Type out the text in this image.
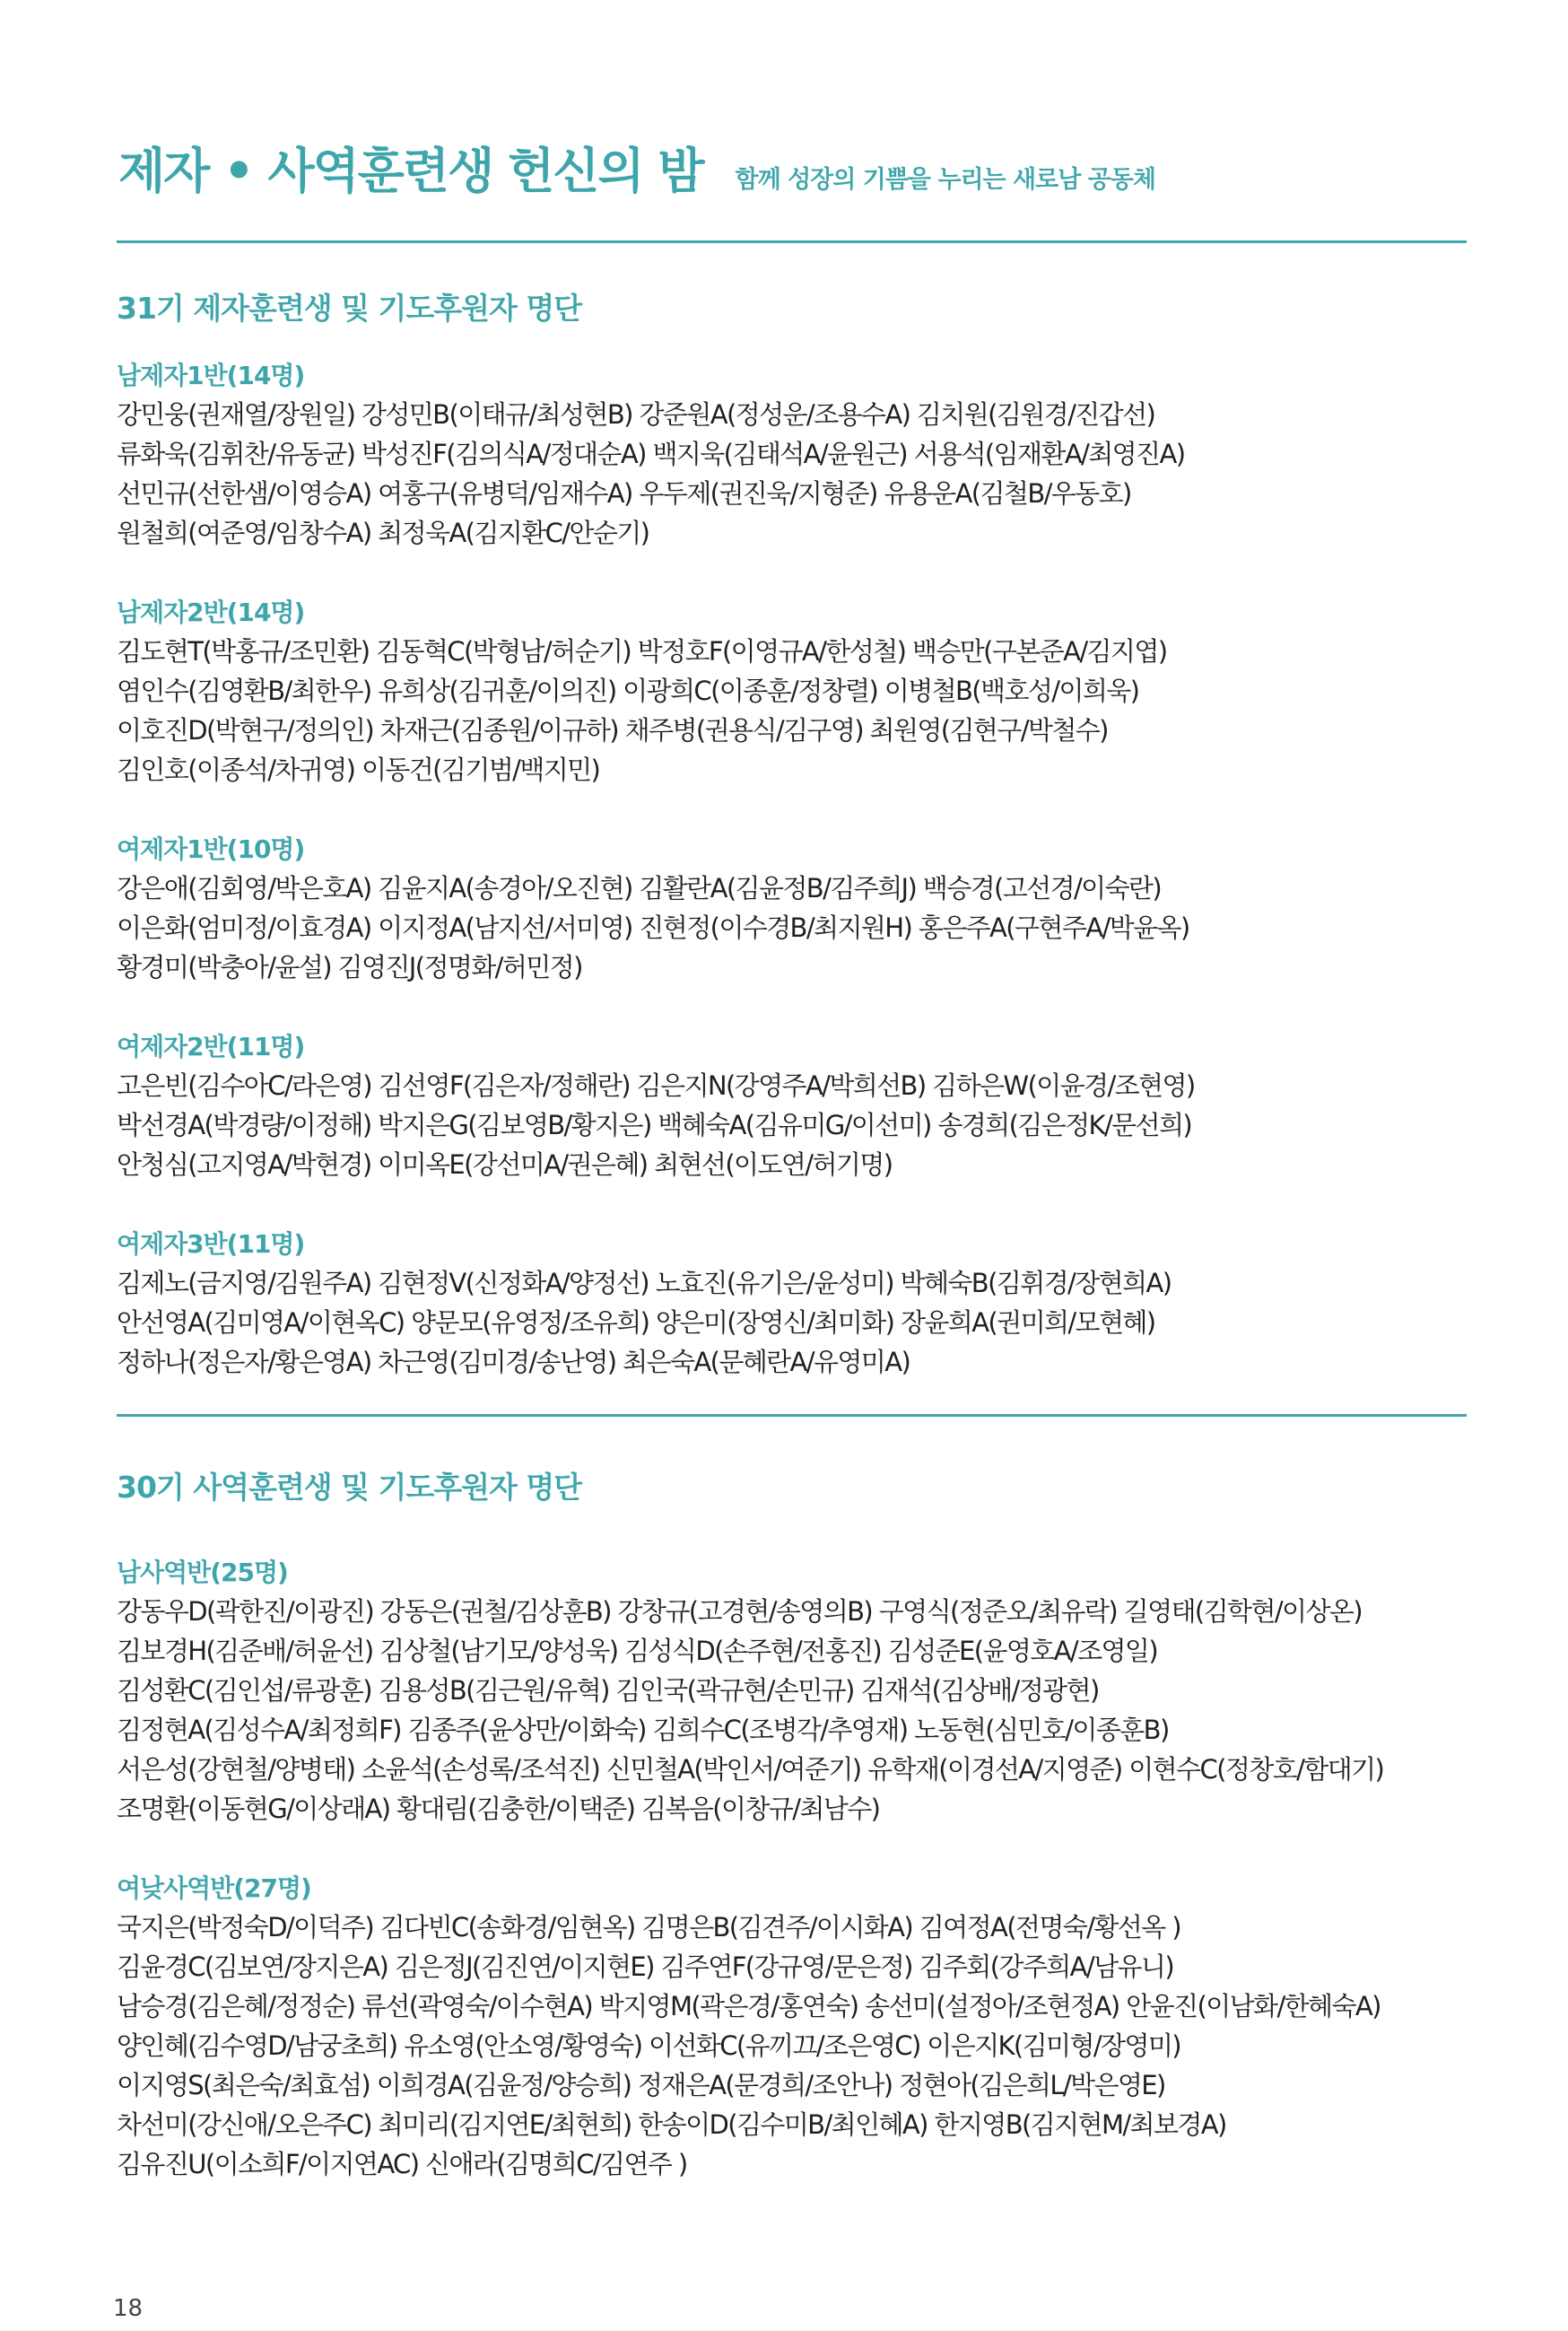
제자 • 사역훈련생 헌신의 밤 함께 성장의 기쁨을 누리는 새로남 공동체
31기 제자훈련생 및 기도후원자 명단
남제자1반(14명)
강민웅(권재열/장원일) 강성민B(이태규/최성현B) 강준원A(정성운/조용수A) 김치원(김원경/진갑선)
류화욱(김휘찬/유동균) 박성진F(김의식A/정대순A) 백지욱(김태석A/윤원근) 서용석(임재환A/최영진A)
선민규(선한샘/이영승A) 여홍구(유병덕/임재수A) 우두제(권진욱/지형준) 유용운A(김철B/우동호)
원철희(여준영/임창수A) 최정욱A(김지환C/안순기)
남제자2반(14명)
김도현T(박홍규/조민환) 김동혁C(박형남/허순기) 박정호F(이영규A/한성철) 백승만(구본준A/김지엽)
염인수(김영환B/최한우) 유희상(김귀훈/이의진) 이광희C(이종훈/정창렬) 이병철B(백호성/이희욱)
이호진D(박현구/정의인) 차재근(김종원/이규하) 채주병(권용식/김구영) 최원영(김현구/박철수)
김인호(이종석/차귀영) 이동건(김기범/백지민)
여제자1반(10명)
강은애(김회영/박은호A) 김윤지A(송경아/오진현) 김활란A(김윤정B/김주희J) 백승경(고선경/이숙란)
이은화(엄미정/이효경A) 이지정A(남지선/서미영) 진현정(이수경B/최지원H) 홍은주A(구현주A/박윤옥)
황경미(박충아/윤설) 김영진J(정명화/허민정)
여제자2반(11명)
고은빈(김수아C/라은영) 김선영F(김은자/정해란) 김은지N(강영주A/박희선B) 김하은W(이윤경/조현영)
박선경A(박경량/이정해) 박지은G(김보영B/황지은) 백혜숙A(김유미G/이선미) 송경희(김은정K/문선희)
안청심(고지영A/박현경) 이미옥E(강선미A/권은혜) 최현선(이도연/허기명)
여제자3반(11명)
김제노(금지영/김원주A) 김현정V(신정화A/양정선) 노효진(유기은/윤성미) 박혜숙B(김휘경/장현희A)
안선영A(김미영A/이현옥C) 양문모(유영정/조유희) 양은미(장영신/최미화) 장윤희A(권미희/모현혜)
정하나(정은자/황은영A) 차근영(김미경/송난영) 최은숙A(문혜란A/유영미A)
30기 사역훈련생 및 기도후원자 명단
남사역반(25명)
강동우D(곽한진/이광진) 강동은(권철/김상훈B) 강창규(고경현/송영의B) 구영식(정준오/최유락) 길영태(김학현/이상온)
김보경H(김준배/허윤선) 김상철(남기모/양성욱) 김성식D(손주현/전홍진) 김성준E(윤영호A/조영일)
김성환C(김인섭/류광훈) 김용성B(김근원/유혁) 김인국(곽규현/손민규) 김재석(김상배/정광현)
김정현A(김성수A/최정희F) 김종주(윤상만/이화숙) 김희수C(조병각/추영재) 노동현(심민호/이종훈B)
서은성(강현철/양병태) 소윤석(손성록/조석진) 신민철A(박인서/여준기) 유학재(이경선A/지영준) 이현수C(정창호/함대기)
조명환(이동현G/이상래A) 황대림(김충한/이택준) 김복음(이창규/최남수)
여낮사역반(27명)
국지은(박정숙D/이덕주) 김다빈C(송화경/임현옥) 김명은B(김견주/이시화A) 김여정A(전명숙/황선옥 )
김윤경C(김보연/장지은A) 김은정J(김진연/이지현E) 김주연F(강규영/문은정) 김주회(강주희A/남유니)
남승경(김은혜/정정순) 류선(곽영숙/이수현A) 박지영M(곽은경/홍연숙) 송선미(설정아/조현정A) 안윤진(이남화/한혜숙A)
양인혜(김수영D/남궁초희) 유소영(안소영/황영숙) 이선화C(유끼끄/조은영C) 이은지K(김미형/장영미)
이지영S(최은숙/최효섬) 이희경A(김윤정/양승희) 정재은A(문경희/조안나) 정현아(김은희L/박은영E)
차선미(강신애/오은주C) 최미리(김지연E/최현희) 한송이D(김수미B/최인혜A) 한지영B(김지현M/최보경A)
김유진U(이소희F/이지연AC) 신애라(김명희C/김연주 )
18
